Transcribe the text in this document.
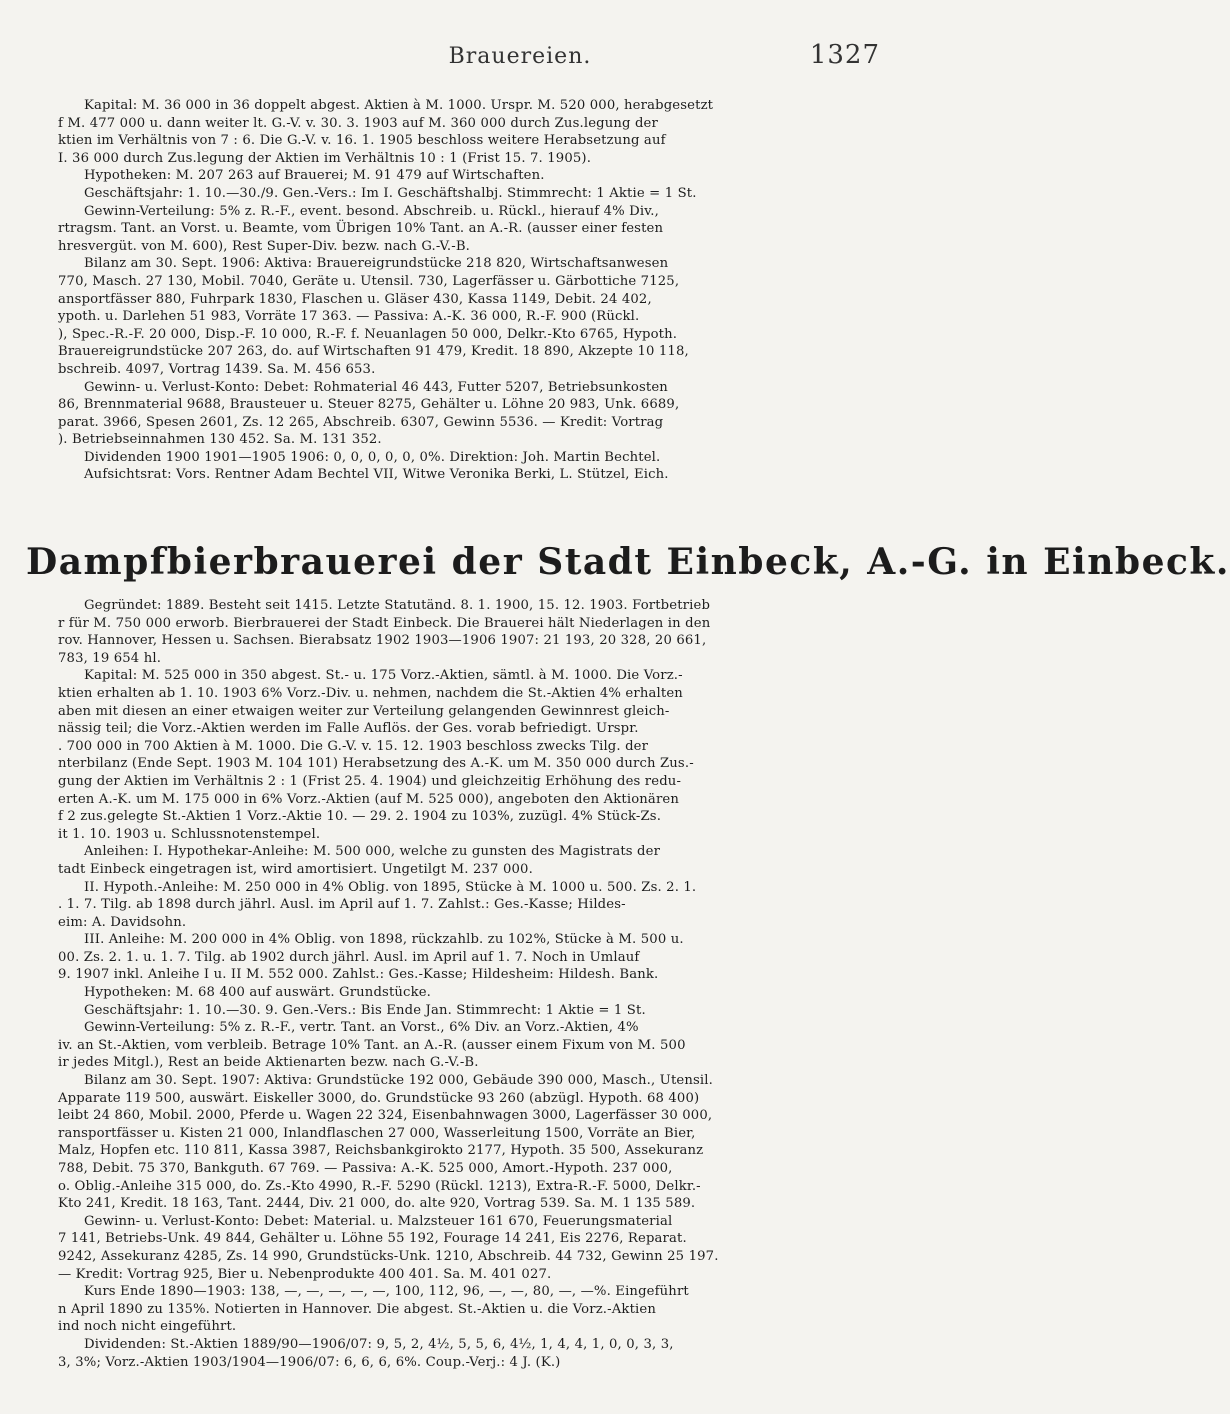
Brauereien.	1327
Kapital: M. 36 000 in 36 doppelt abgest. Aktien à M. 1000. Urspr. M. 520 000, herabgesetzt
f M. 477 000 u. dann weiter lt. G.-V. v. 30. 3. 1903 auf M. 360 000 durch Zus.legung der
ktien im Verhältnis von 7 : 6. Die G.-V. v. 16. 1. 1905 beschloss weitere Herabsetzung auf
I. 36 000 durch Zus.legung der Aktien im Verhältnis 10 : 1 (Frist 15. 7. 1905).
Hypotheken: M. 207 263 auf Brauerei; M. 91 479 auf Wirtschaften.
Geschäftsjahr: 1. 10.—30./9. Gen.-Vers.: Im I. Geschäftshalbj. Stimmrecht: 1 Aktie = 1 St.
Gewinn-Verteilung: 5% z. R.-F., event. besond. Abschreib. u. Rückl., hierauf 4% Div.,
rtragsm. Tant. an Vorst. u. Beamte, vom Übrigen 10% Tant. an A.-R. (ausser einer festen
hresvergüt. von M. 600), Rest Super-Div. bezw. nach G.-V.-B.
Bilanz am 30. Sept. 1906: Aktiva: Brauereigrundstücke 218 820, Wirtschaftsanwesen
770, Masch. 27 130, Mobil. 7040, Geräte u. Utensil. 730, Lagerfässer u. Gärbottiche 7125,
ansportfässer 880, Fuhrpark 1830, Flaschen u. Gläser 430, Kassa 1149, Debit. 24 402,
ypoth. u. Darlehen 51 983, Vorräte 17 363. — Passiva: A.-K. 36 000, R.-F. 900 (Rückl.
), Spec.-R.-F. 20 000, Disp.-F. 10 000, R.-F. f. Neuanlagen 50 000, Delkr.-Kto 6765, Hypoth.
Brauereigrundstücke 207 263, do. auf Wirtschaften 91 479, Kredit. 18 890, Akzepte 10 118,
bschreib. 4097, Vortrag 1439. Sa. M. 456 653.
Gewinn- u. Verlust-Konto: Debet: Rohmaterial 46 443, Futter 5207, Betriebsunkosten
86, Brennmaterial 9688, Brausteuer u. Steuer 8275, Gehälter u. Löhne 20 983, Unk. 6689,
parat. 3966, Spesen 2601, Zs. 12 265, Abschreib. 6307, Gewinn 5536. — Kredit: Vortrag
). Betriebseinnahmen 130 452. Sa. M. 131 352.
Dividenden 1900 1901—1905 1906: 0, 0, 0, 0, 0, 0%. Direktion: Joh. Martin Bechtel.
Aufsichtsrat: Vors. Rentner Adam Bechtel VII, Witwe Veronika Berki, L. Stützel, Eich.
Dampfbierbrauerei der Stadt Einbeck, A.-G. in Einbeck.
Gegründet: 1889. Besteht seit 1415. Letzte Statutänd. 8. 1. 1900, 15. 12. 1903. Fortbetrieb
r für M. 750 000 erworb. Bierbrauerei der Stadt Einbeck. Die Brauerei hält Niederlagen in den
rov. Hannover, Hessen u. Sachsen. Bierabsatz 1902 1903—1906 1907: 21 193, 20 328, 20 661,
783, 19 654 hl.
Kapital: M. 525 000 in 350 abgest. St.- u. 175 Vorz.-Aktien, sämtl. à M. 1000. Die Vorz.-
ktien erhalten ab 1. 10. 1903 6% Vorz.-Div. u. nehmen, nachdem die St.-Aktien 4% erhalten
aben mit diesen an einer etwaigen weiter zur Verteilung gelangenden Gewinnrest gleich-
nässig teil; die Vorz.-Aktien werden im Falle Auflös. der Ges. vorab befriedigt. Urspr.
. 700 000 in 700 Aktien à M. 1000. Die G.-V. v. 15. 12. 1903 beschloss zwecks Tilg. der
nterbilanz (Ende Sept. 1903 M. 104 101) Herabsetzung des A.-K. um M. 350 000 durch Zus.-
gung der Aktien im Verhältnis 2 : 1 (Frist 25. 4. 1904) und gleichzeitig Erhöhung des redu-
erten A.-K. um M. 175 000 in 6% Vorz.-Aktien (auf M. 525 000), angeboten den Aktionären
f 2 zus.gelegte St.-Aktien 1 Vorz.-Aktie 10. — 29. 2. 1904 zu 103%, zuzügl. 4% Stück-Zs.
it 1. 10. 1903 u. Schlussnotenstempel.
Anleihen: I. Hypothekar-Anleihe: M. 500 000, welche zu gunsten des Magistrats der
tadt Einbeck eingetragen ist, wird amortisiert. Ungetilgt M. 237 000.
II. Hypoth.-Anleihe: M. 250 000 in 4% Oblig. von 1895, Stücke à M. 1000 u. 500. Zs. 2. 1.
. 1. 7. Tilg. ab 1898 durch jährl. Ausl. im April auf 1. 7. Zahlst.: Ges.-Kasse; Hildes-
eim: A. Davidsohn.
III. Anleihe: M. 200 000 in 4% Oblig. von 1898, rückzahlb. zu 102%, Stücke à M. 500 u.
00. Zs. 2. 1. u. 1. 7. Tilg. ab 1902 durch jährl. Ausl. im April auf 1. 7. Noch in Umlauf
9. 1907 inkl. Anleihe I u. II M. 552 000. Zahlst.: Ges.-Kasse; Hildesheim: Hildesh. Bank.
Hypotheken: M. 68 400 auf auswärt. Grundstücke.
Geschäftsjahr: 1. 10.—30. 9. Gen.-Vers.: Bis Ende Jan. Stimmrecht: 1 Aktie = 1 St.
Gewinn-Verteilung: 5% z. R.-F., vertr. Tant. an Vorst., 6% Div. an Vorz.-Aktien, 4%
iv. an St.-Aktien, vom verbleib. Betrage 10% Tant. an A.-R. (ausser einem Fixum von M. 500
ir jedes Mitgl.), Rest an beide Aktienarten bezw. nach G.-V.-B.
Bilanz am 30. Sept. 1907: Aktiva: Grundstücke 192 000, Gebäude 390 000, Masch., Utensil.
Apparate 119 500, auswärt. Eiskeller 3000, do. Grundstücke 93 260 (abzügl. Hypoth. 68 400)
leibt 24 860, Mobil. 2000, Pferde u. Wagen 22 324, Eisenbahnwagen 3000, Lagerfässer 30 000,
ransportfässer u. Kisten 21 000, Inlandflaschen 27 000, Wasserleitung 1500, Vorräte an Bier,
Malz, Hopfen etc. 110 811, Kassa 3987, Reichsbankgirokto 2177, Hypoth. 35 500, Assekuranz
788, Debit. 75 370, Bankguth. 67 769. — Passiva: A.-K. 525 000, Amort.-Hypoth. 237 000,
o. Oblig.-Anleihe 315 000, do. Zs.-Kto 4990, R.-F. 5290 (Rückl. 1213), Extra-R.-F. 5000, Delkr.-
Kto 241, Kredit. 18 163, Tant. 2444, Div. 21 000, do. alte 920, Vortrag 539. Sa. M. 1 135 589.
Gewinn- u. Verlust-Konto: Debet: Material. u. Malzsteuer 161 670, Feuerungsmaterial
7 141, Betriebs-Unk. 49 844, Gehälter u. Löhne 55 192, Fourage 14 241, Eis 2276, Reparat.
9242, Assekuranz 4285, Zs. 14 990, Grundstücks-Unk. 1210, Abschreib. 44 732, Gewinn 25 197.
— Kredit: Vortrag 925, Bier u. Nebenprodukte 400 401. Sa. M. 401 027.
Kurs Ende 1890—1903: 138, —, —, —, —, —, 100, 112, 96, —, —, 80, —, —%. Eingeführt
n April 1890 zu 135%. Notierten in Hannover. Die abgest. St.-Aktien u. die Vorz.-Aktien
ind noch nicht eingeführt.
Dividenden: St.-Aktien 1889/90—1906/07: 9, 5, 2, 4½, 5, 5, 6, 4½, 1, 4, 4, 1, 0, 0, 3, 3,
3, 3%; Vorz.-Aktien 1903/1904—1906/07: 6, 6, 6, 6%. Coup.-Verj.: 4 J. (K.)
